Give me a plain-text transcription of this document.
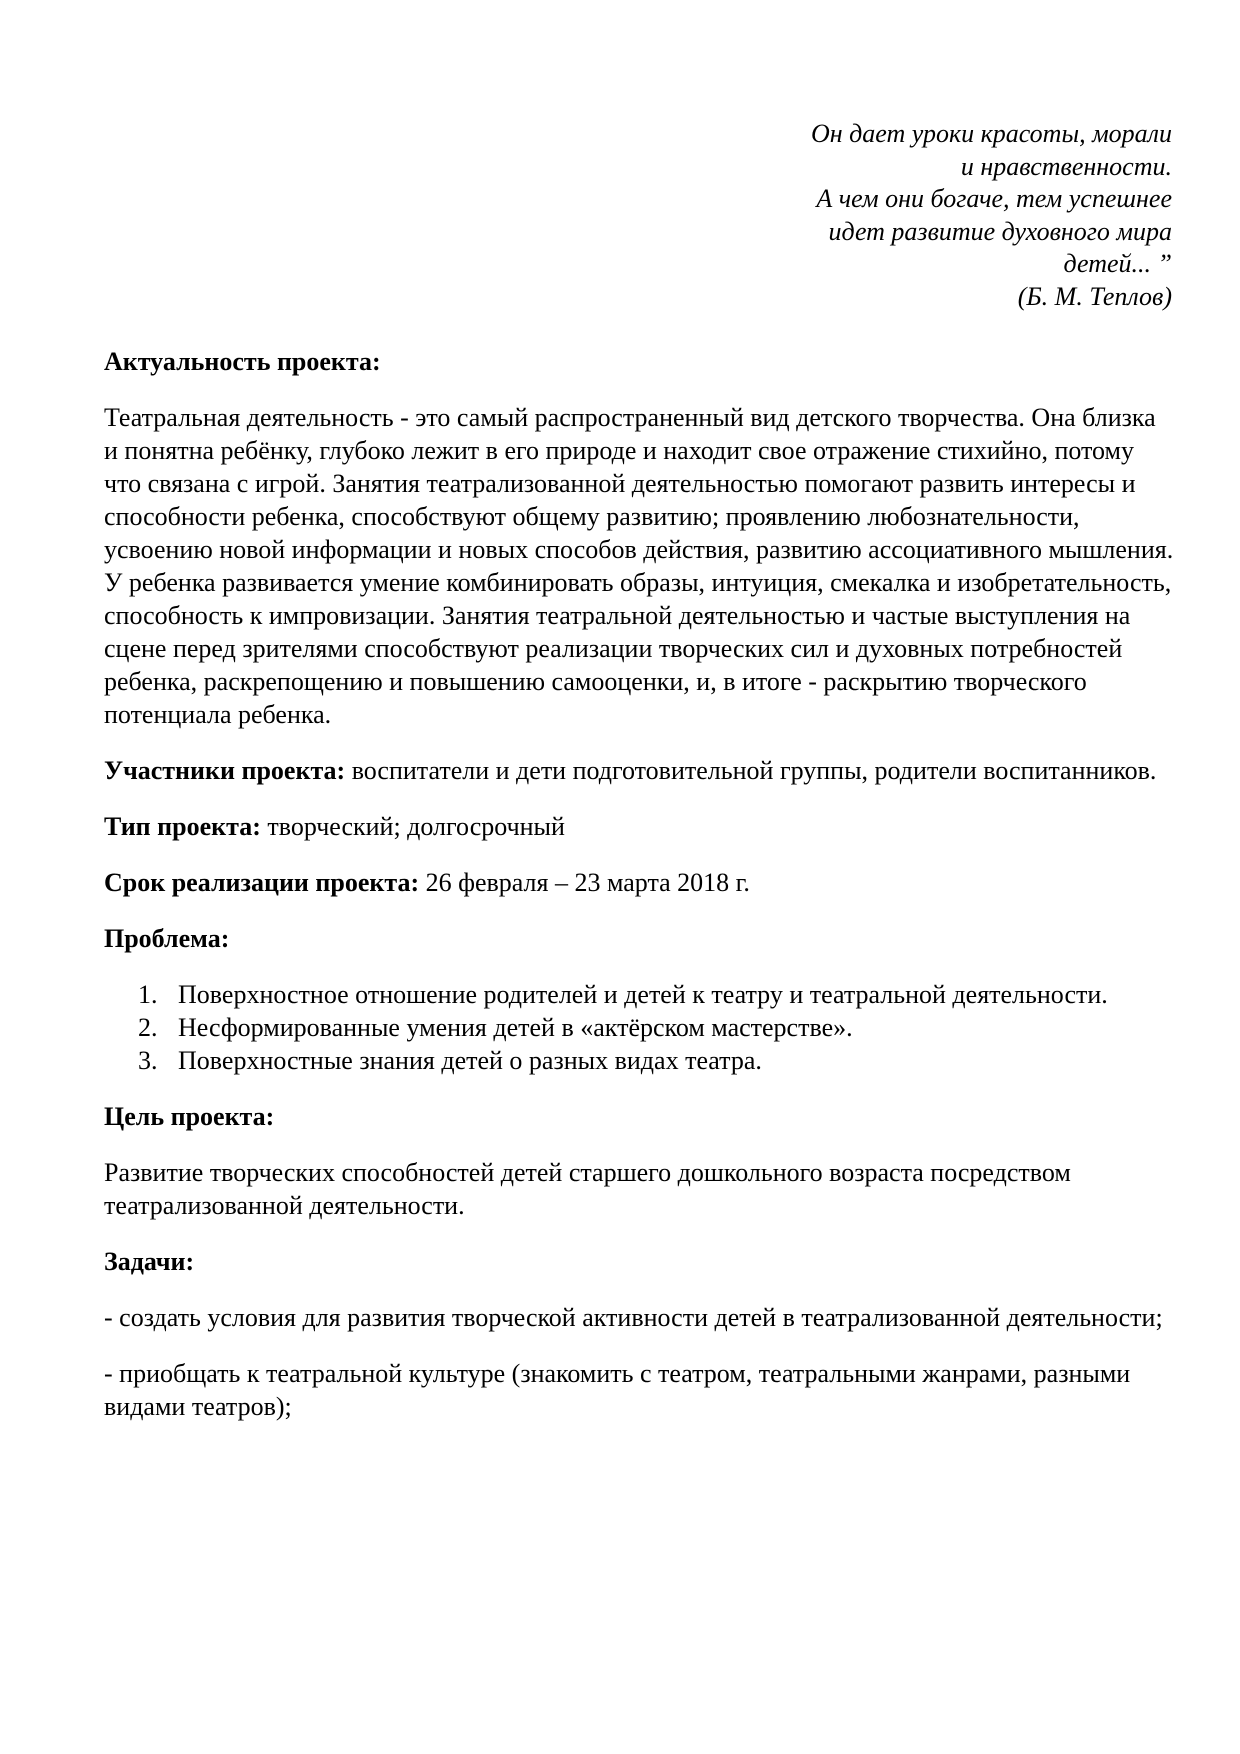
Он дает уроки красоты, морали
и нравственности.
А чем они богаче, тем успешнее
идет развитие духовного мира
детей... ”
(Б. М. Теплов)

Актуальность проекта:

Театральная деятельность - это самый распространенный вид детского творчества. Она близка и понятна ребёнку, глубоко лежит в его природе и находит свое отражение стихийно, потому что связана с игрой. Занятия театрализованной деятельностью помогают развить интересы и способности ребенка, способствуют общему развитию; проявлению любознательности, усвоению новой информации и новых способов действия, развитию ассоциативного мышления. У ребенка развивается умение комбинировать образы, интуиция, смекалка и изобретательность, способность к импровизации. Занятия театральной деятельностью и частые выступления на сцене перед зрителями способствуют реализации творческих сил и духовных потребностей ребенка, раскрепощению и повышению самооценки, и, в итоге - раскрытию творческого потенциала ребенка.

Участники проекта: воспитатели и дети подготовительной группы, родители воспитанников.

Тип проекта: творческий; долгосрочный

Срок реализации проекта: 26 февраля – 23 марта 2018 г.

Проблема:

1. Поверхностное отношение родителей и детей к театру и театральной деятельности.
2. Несформированные умения детей в «актёрском мастерстве».
3. Поверхностные знания детей о разных видах театра.

Цель проекта:

Развитие творческих способностей детей старшего дошкольного возраста посредством театрализованной деятельности.

Задачи:

- создать условия для развития творческой активности детей в театрализованной деятельности;

- приобщать к театральной культуре (знакомить с театром, театральными жанрами, разными видами театров);
